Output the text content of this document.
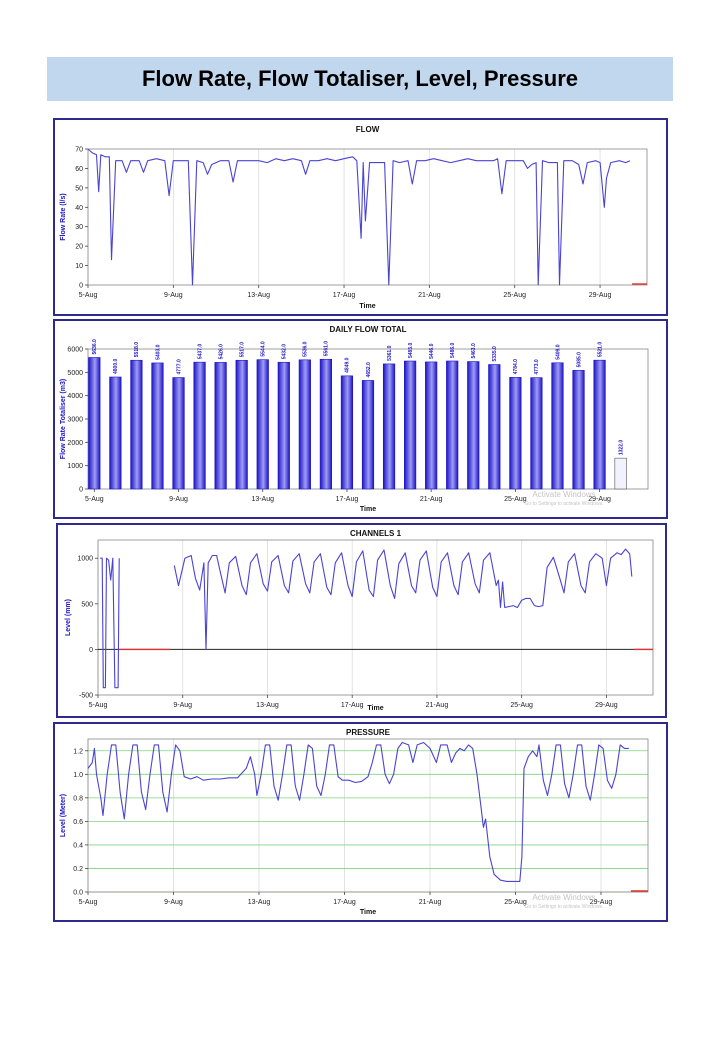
Flow Rate, Flow Totaliser, Level, Pressure
FLOW
0
10
20
30
40
50
60
70
5-Aug	9-Aug	13-Aug	17-Aug	21-Aug	25-Aug	29-Aug
Time
Flow Rate (l/s)
DAILY FLOW TOTAL
0
1000
2000
3000
4000
5000
6000
5-Aug	9-Aug	13-Aug	17-Aug	21-Aug	25-Aug	29-Aug
Time
Flow Rate Totaliser (m3)
5636.0
4800.0
5518.0	5403.0
4777.0
5437.0	5426.0	5517.0	5544.0	5432.0	5536.0	5561.0
4849.0	4652.0
5361.0	5485.0	5446.0	5486.0	5463.0	5335.0
4784.0	4773.0
5409.0	5085.0
5521.0
1322.0
Activate Windows
Go to Settings to activate Windows.
CHANNELS 1
-500
0
500
1000
5-Aug	9-Aug	13-Aug	17-Aug	21-Aug	25-Aug	29-Aug
Time
Level (mm)
PRESSURE
0.0
0.2
0.4
0.6
0.8
1.0
1.2
5-Aug	9-Aug	13-Aug	17-Aug	21-Aug	25-Aug	29-Aug
Time
Level (Meter)
Activate Windows
Go to Settings to activate Windows.
